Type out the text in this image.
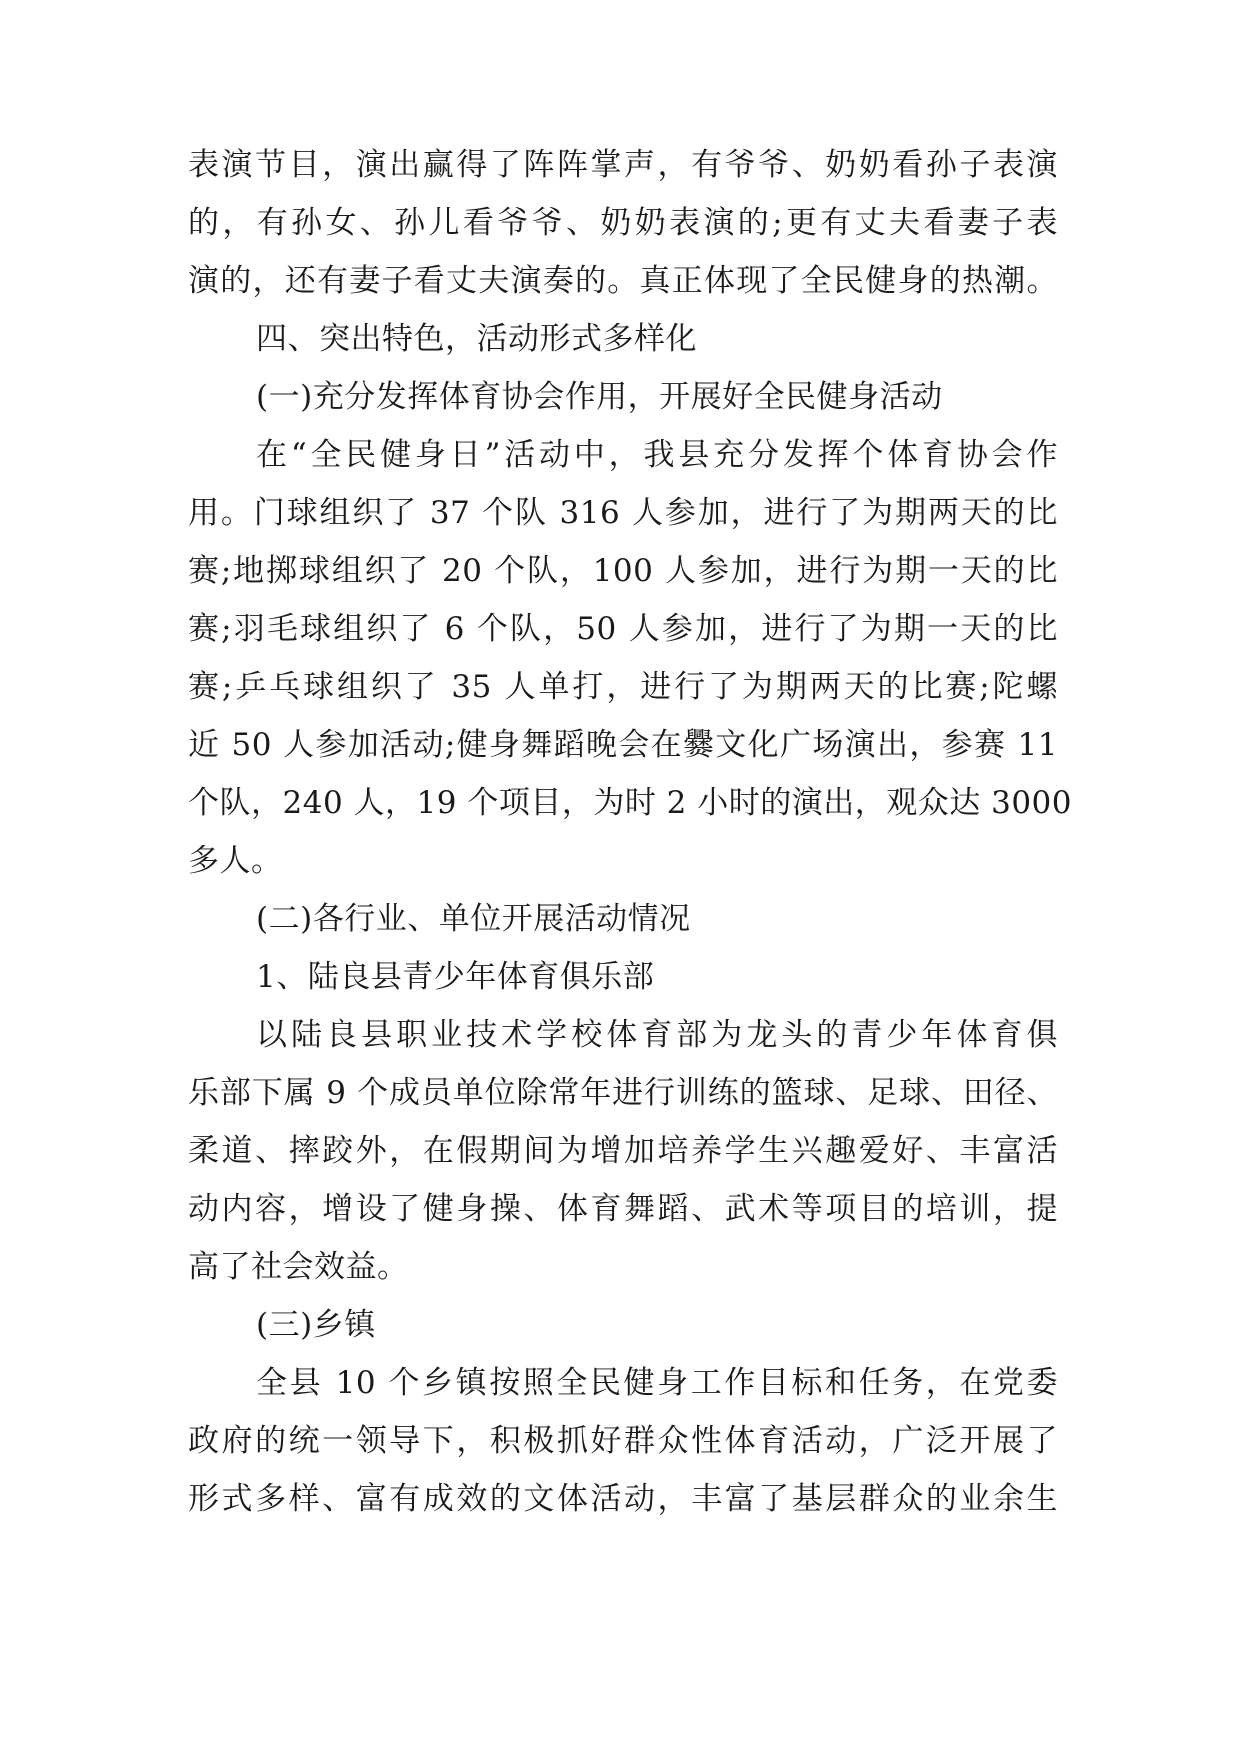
表演节目，演出赢得了阵阵掌声，有爷爷、奶奶看孙子表演
的，有孙女、孙儿看爷爷、奶奶表演的;更有丈夫看妻子表
演的，还有妻子看丈夫演奏的。真正体现了全民健身的热潮。
四、突出特色，活动形式多样化
(一)充分发挥体育协会作用，开展好全民健身活动
在“全民健身日”活动中，我县充分发挥个体育协会作
用。门球组织了 37 个队 316 人参加，进行了为期两天的比
赛;地掷球组织了 20 个队，100 人参加，进行为期一天的比
赛;羽毛球组织了 6 个队，50 人参加，进行了为期一天的比
赛;乒乓球组织了 35 人单打，进行了为期两天的比赛;陀螺
近 50 人参加活动;健身舞蹈晚会在爨文化广场演出，参赛 11
个队，240 人，19 个项目，为时 2 小时的演出，观众达 3000
多人。
(二)各行业、单位开展活动情况
1、陆良县青少年体育俱乐部
以陆良县职业技术学校体育部为龙头的青少年体育俱
乐部下属 9 个成员单位除常年进行训练的篮球、足球、田径、
柔道、摔跤外，在假期间为增加培养学生兴趣爱好、丰富活
动内容，增设了健身操、体育舞蹈、武术等项目的培训，提
高了社会效益。
(三)乡镇
全县 10 个乡镇按照全民健身工作目标和任务，在党委
政府的统一领导下，积极抓好群众性体育活动，广泛开展了
形式多样、富有成效的文体活动，丰富了基层群众的业余生
